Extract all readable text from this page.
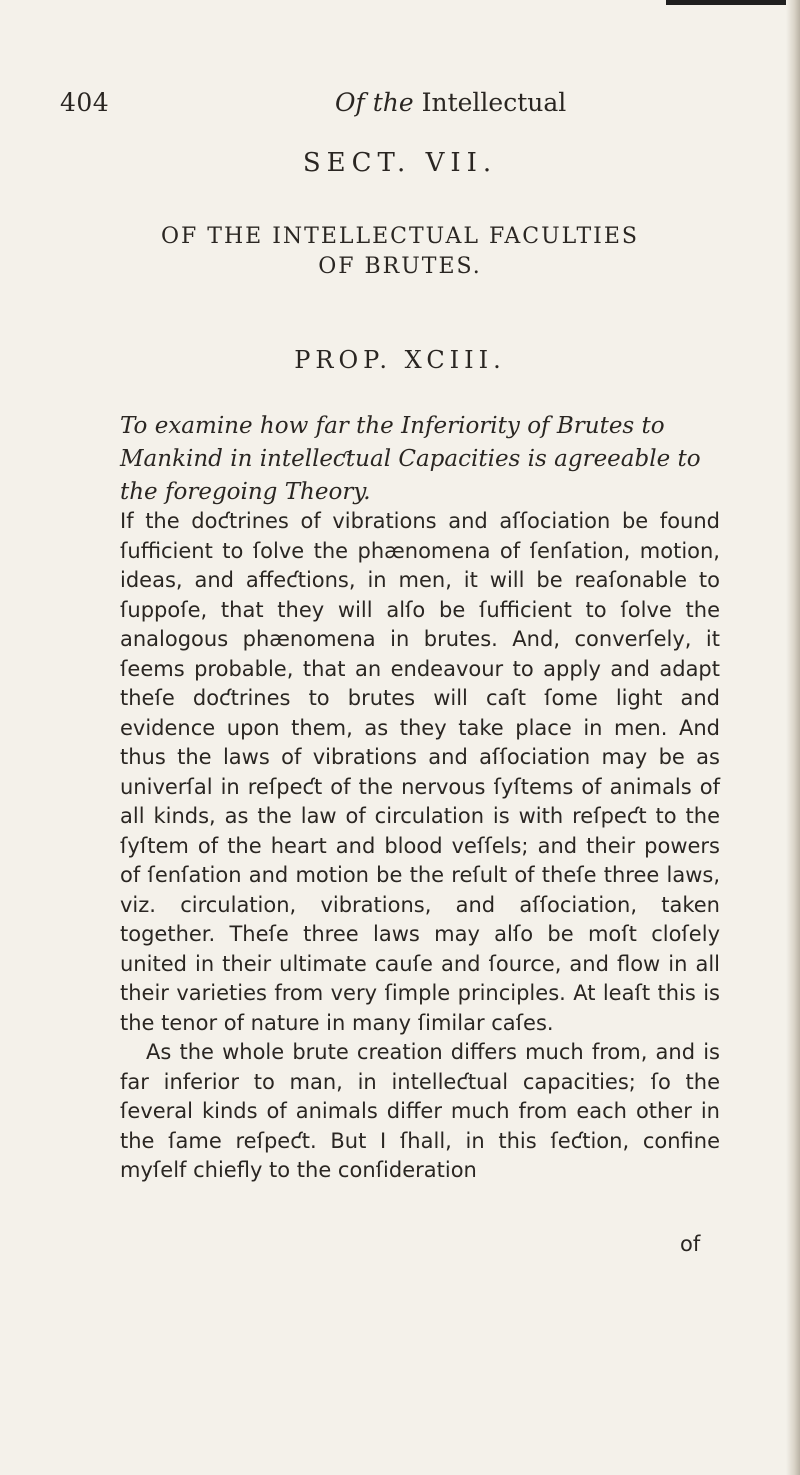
404	Of the Intellectual
SECT. VII.
OF THE INTELLECTUAL FACULTIES
OF BRUTES.
PROP. XCIII.
To examine how far the Inferiority of Brutes to Mankind in intelleƈtual Capacities is agreeable to the foregoing Theory.

If the doƈtrines of vibrations and aſſociation be found ſufficient to ſolve the phænomena of ſenſation, motion, ideas, and affeƈtions, in men, it will be reaſonable to ſuppoſe, that they will alſo be ſufficient to ſolve the analogous phænomena in brutes. And, converſely, it ſeems probable, that an endeavour to apply and adapt theſe doƈtrines to brutes will caſt ſome light and evidence upon them, as they take place in men. And thus the laws of vibrations and aſſociation may be as univerſal in reſpeƈt of the nervous ſyſtems of animals of all kinds, as the law of circulation is with reſpeƈt to the ſyſtem of the heart and blood veſſels; and their powers of ſenſation and motion be the reſult of theſe three laws, viz. circulation, vibrations, and aſſociation, taken together. Theſe three laws may alſo be moſt cloſely united in their ultimate cauſe and ſource, and flow in all their varieties from very ſimple principles. At leaſt this is the tenor of nature in many ſimilar caſes.

As the whole brute creation differs much from, and is far inferior to man, in intelleƈtual capacities; ſo the ſeveral kinds of animals differ much from each other in the ſame reſpeƈt. But I ſhall, in this ſeƈtion, confine myſelf chiefly to the conſideration

of
